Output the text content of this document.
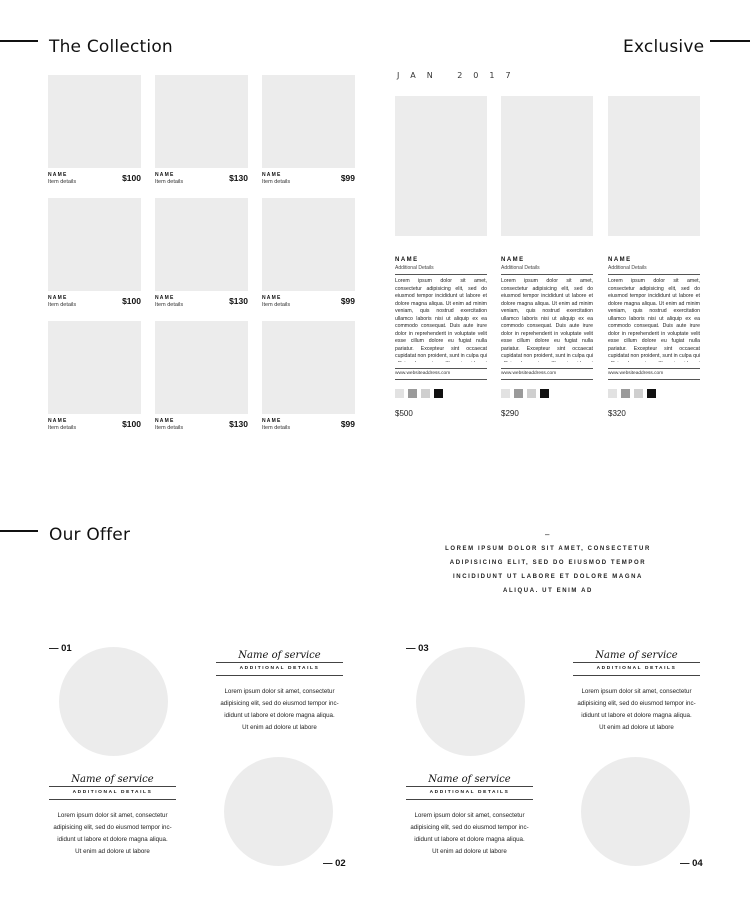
The Collection
NAME
Item details	$100	NAME
Item details	$130	NAME
Item details	$99
NAME
Item details	$100	NAME
Item details	$130	NAME
Item details	$99
NAME
Item details	$100	NAME
Item details	$130	NAME
Item details	$99
Exclusive
JAN 2017
NAME
Additional Details
Lorem ipsum dolor sit amet, consectetur adipisicing elit, sed do eiusmod tempor incididunt ut labore et dolore magna aliqua. Ut enim ad minim veniam, quis nostrud exercitation ullamco laboris nisi ut aliquip ex ea commodo consequat. Duis aute irure dolor in reprehenderit in voluptate velit esse cillum dolore eu fugiat nulla pariatur. Excepteur sint occaecat cupidatat non proident, sunt in culpa qui
www.websiteaddress.com
$500
NAME
Additional Details
Lorem ipsum dolor sit amet, consectetur adipisicing elit, sed do eiusmod tempor incididunt ut labore et dolore magna aliqua. Ut enim ad minim veniam, quis nostrud exercitation ullamco laboris nisi ut aliquip ex ea commodo consequat. Duis aute irure dolor in reprehenderit in voluptate velit esse cillum dolore eu fugiat nulla pariatur. Excepteur sint occaecat cupidatat non proident, sunt in culpa qui
www.websiteaddress.com
$290
NAME
Additional Details
Lorem ipsum dolor sit amet, consectetur adipisicing elit, sed do eiusmod tempor incididunt ut labore et dolore magna aliqua. Ut enim ad minim veniam, quis nostrud exercitation ullamco laboris nisi ut aliquip ex ea commodo consequat. Duis aute irure dolor in reprehenderit in voluptate velit esse cillum dolore eu fugiat nulla pariatur. Excepteur sint occaecat cupidatat non proident, sunt in culpa qui
www.websiteaddress.com
$320
Our Offer	–
LOREM IPSUM DOLOR SIT AMET, CONSECTETUR ADIPISICING ELIT, SED DO EIUSMOD TEMPOR INCIDIDUNT UT LABORE ET DOLORE MAGNA ALIQUA. UT ENIM AD
— 01
Name of service
ADDITIONAL DETAILS
Lorem ipsum dolor sit amet, consectetur
adipisicing elit, sed do eiusmod tempor inc-
ididunt ut labore et dolore magna aliqua.
Ut enim ad dolore ut labore
Name of service
ADDITIONAL DETAILS
Lorem ipsum dolor sit amet, consectetur
adipisicing elit, sed do eiusmod tempor inc-
ididunt ut labore et dolore magna aliqua.
Ut enim ad dolore ut labore
— 02
— 03
Name of service
ADDITIONAL DETAILS
Lorem ipsum dolor sit amet, consectetur
adipisicing elit, sed do eiusmod tempor inc-
ididunt ut labore et dolore magna aliqua.
Ut enim ad dolore ut labore
Name of service
ADDITIONAL DETAILS
Lorem ipsum dolor sit amet, consectetur
adipisicing elit, sed do eiusmod tempor inc-
ididunt ut labore et dolore magna aliqua.
Ut enim ad dolore ut labore
— 04
